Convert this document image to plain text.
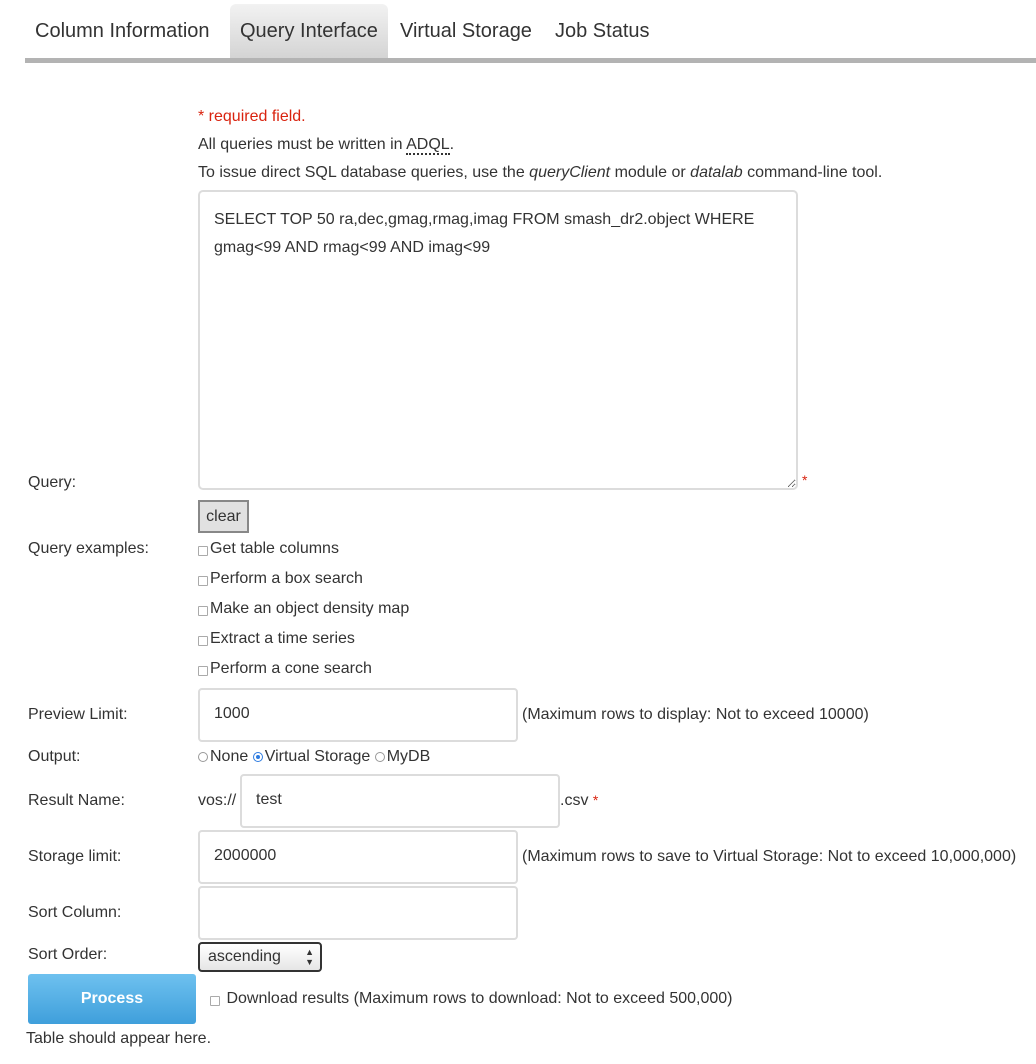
Column Information	Query Interface	Virtual Storage Job Status
* required field.
All queries must be written in ADQL.
To issue direct SQL database queries, use the queryClient module or datalab command-line tool.
SELECT TOP 50 ra,dec,gmag,rmag,imag FROM smash_dr2.object WHERE gmag<99 AND rmag<99 AND imag<99
*
Query:
clear
Query examples:	Get table columns
Perform a box search
Make an object density map
Extract a time series
Perform a cone search
Preview Limit:	1000	(Maximum rows to display: Not to exceed 10000)
Output:	None Virtual Storage MyDB
Result Name:	vos://	test	.csv *
Storage limit:	2000000	(Maximum rows to save to Virtual Storage: Not to exceed 10,000,000)
Sort Column:
Sort Order:	ascending	▲
▼
Process	Download results (Maximum rows to download: Not to exceed 500,000)
Table should appear here.
